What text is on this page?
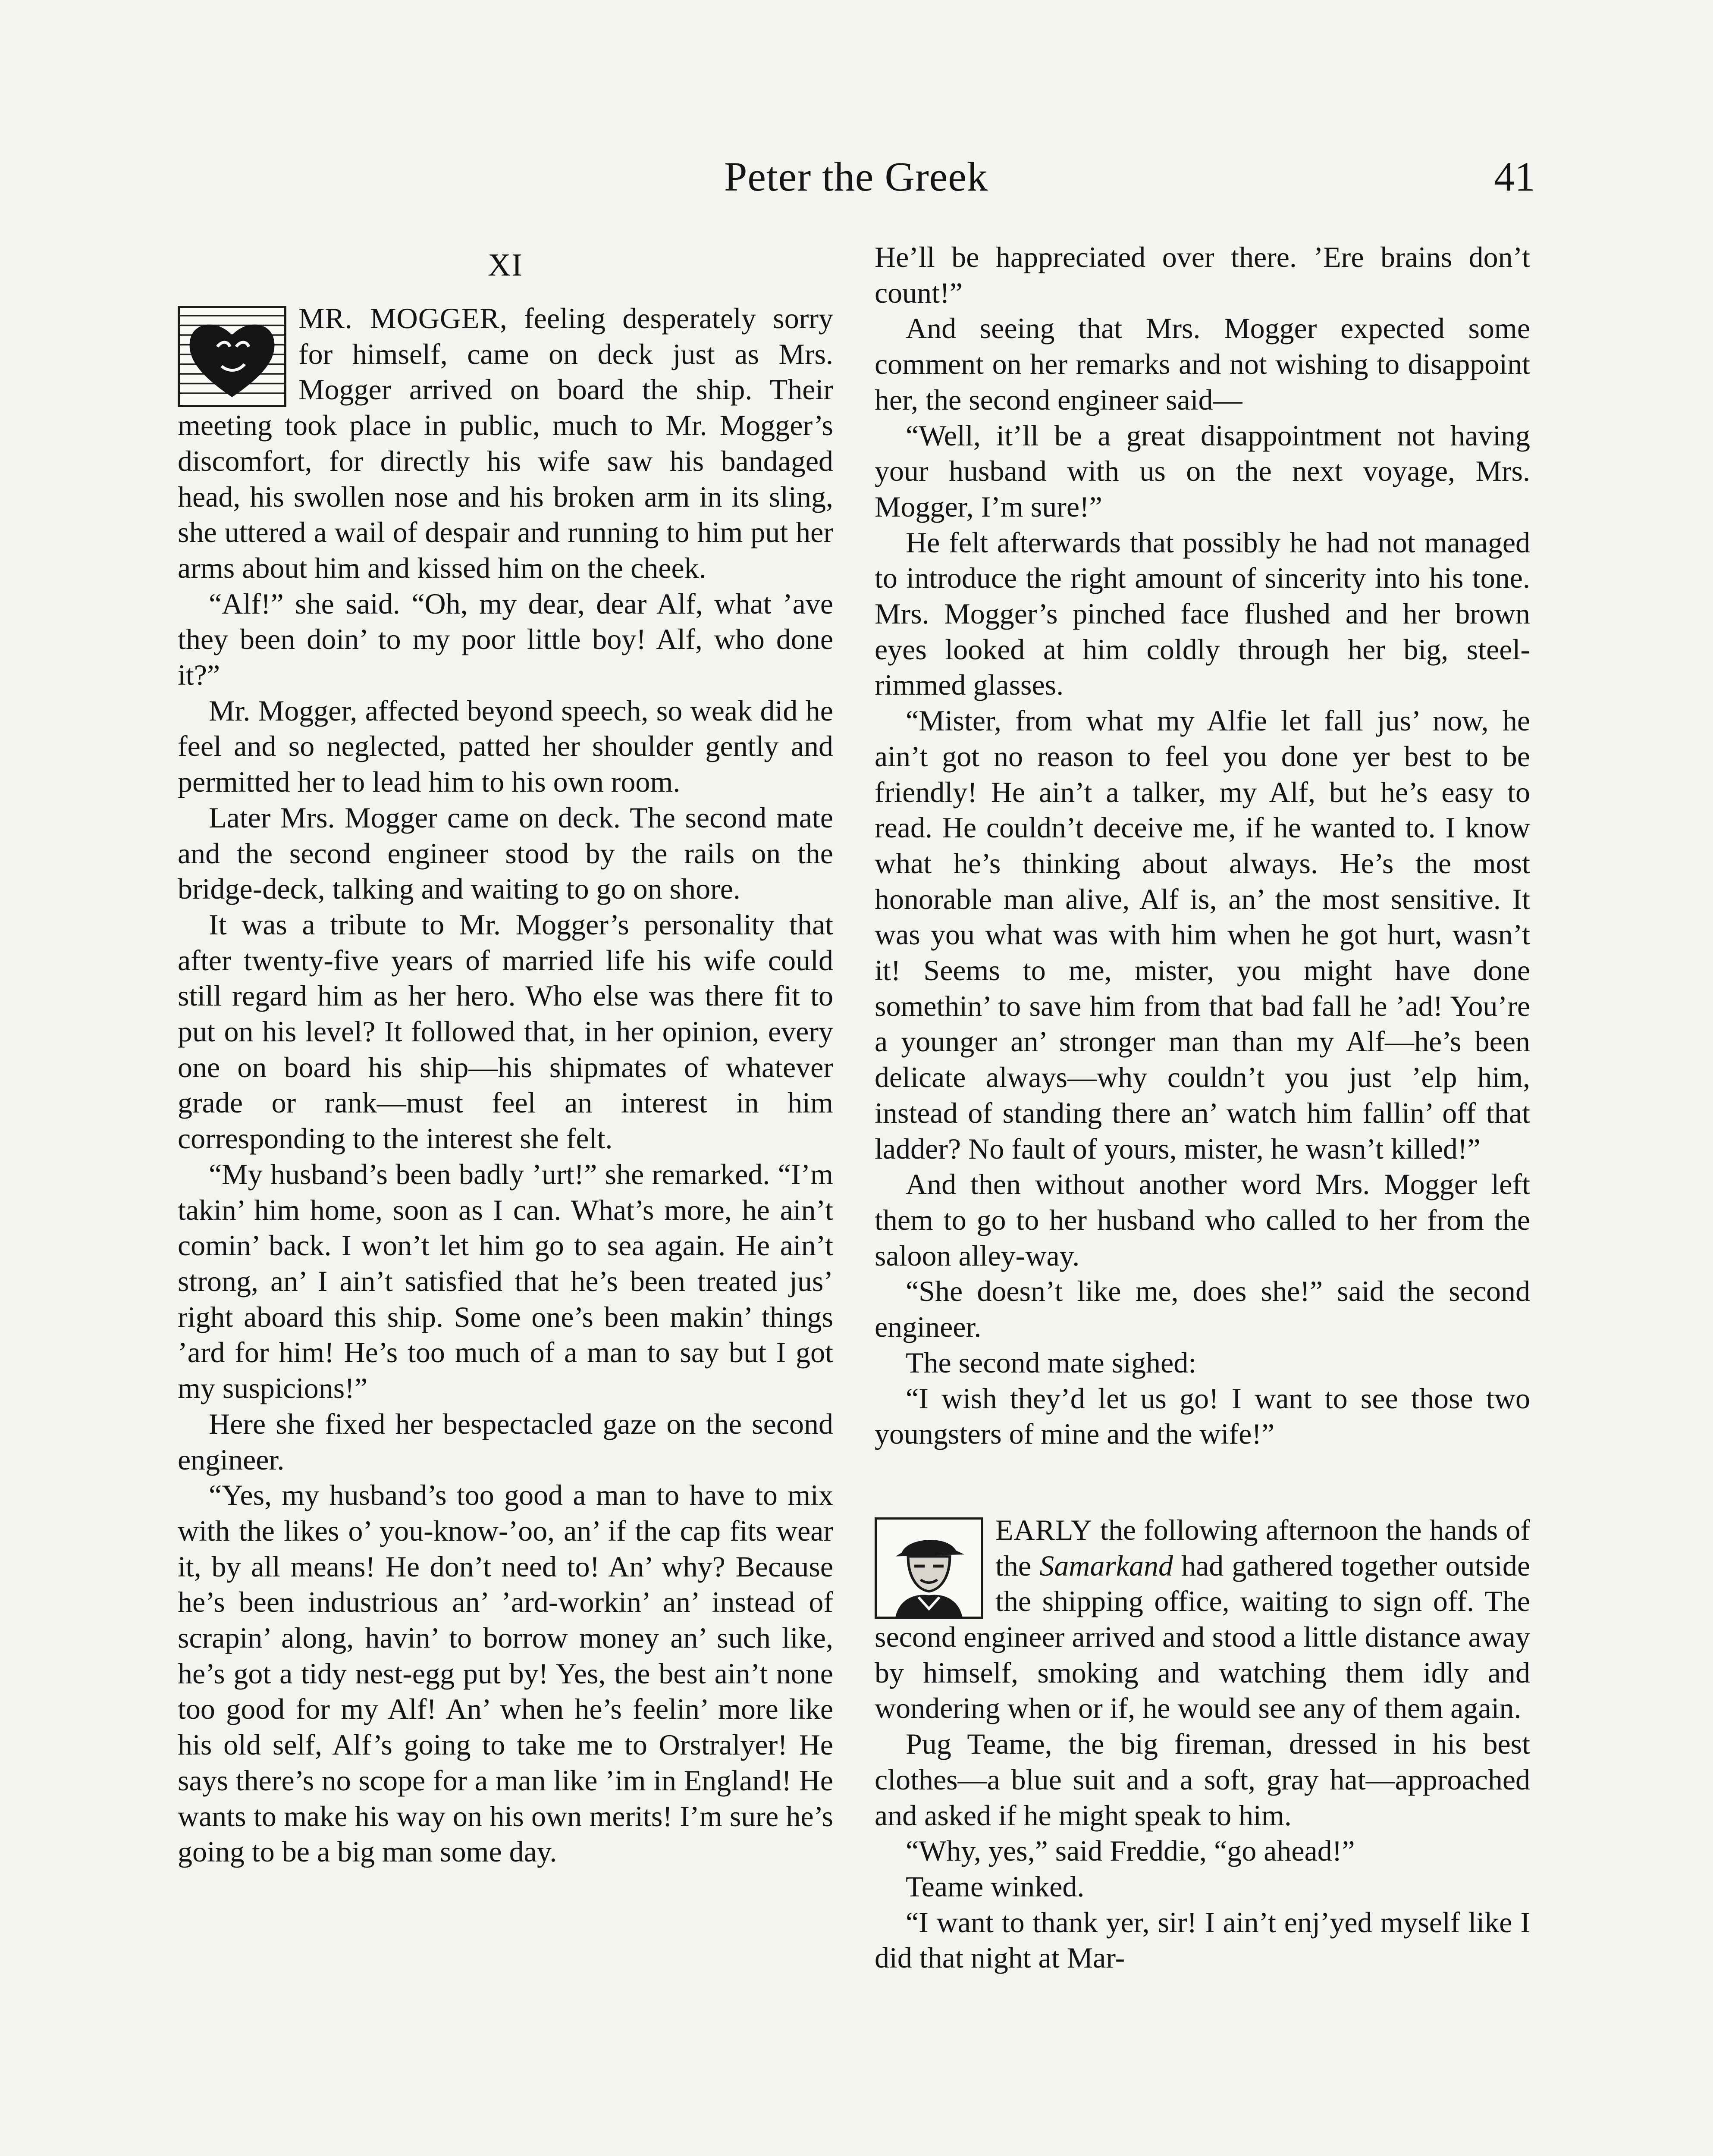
Peter the Greek	41
XI

MR. MOGGER, feeling desperately sorry for himself, came on deck just as Mrs. Mogger arrived on board the ship. Their meeting took place in public, much to Mr. Mogger’s discomfort, for directly his wife saw his bandaged head, his swollen nose and his broken arm in its sling, she uttered a wail of despair and running to him put her arms about him and kissed him on the cheek.

“Alf!” she said. “Oh, my dear, dear Alf, what ’ave they been doin’ to my poor little boy! Alf, who done it?”

Mr. Mogger, affected beyond speech, so weak did he feel and so neglected, patted her shoulder gently and permitted her to lead him to his own room.

Later Mrs. Mogger came on deck. The second mate and the second engineer stood by the rails on the bridge-deck, talking and waiting to go on shore.

It was a tribute to Mr. Mogger’s personality that after twenty-five years of married life his wife could still regard him as her hero. Who else was there fit to put on his level? It followed that, in her opinion, every one on board his ship—his shipmates of whatever grade or rank—must feel an interest in him corresponding to the interest she felt.

“My husband’s been badly ’urt!” she remarked. “I’m takin’ him home, soon as I can. What’s more, he ain’t comin’ back. I won’t let him go to sea again. He ain’t strong, an’ I ain’t satisfied that he’s been treated jus’ right aboard this ship. Some one’s been makin’ things ’ard for him! He’s too much of a man to say but I got my suspicions!”

Here she fixed her bespectacled gaze on the second engineer.

“Yes, my husband’s too good a man to have to mix with the likes o’ you-know-’oo, an’ if the cap fits wear it, by all means! He don’t need to! An’ why? Because he’s been industrious an’ ’ard-workin’ an’ instead of scrapin’ along, havin’ to borrow money an’ such like, he’s got a tidy nest-egg put by! Yes, the best ain’t none too good for my Alf! An’ when he’s feelin’ more like his old self, Alf’s going to take me to Orstralyer! He says there’s no scope for a man like ’im in England! He wants to make his way on his own merits! I’m sure he’s going to be a big man some day.

He’ll be happreciated over there. ’Ere brains don’t count!”

And seeing that Mrs. Mogger expected some comment on her remarks and not wishing to disappoint her, the second engineer said—

“Well, it’ll be a great disappointment not having your husband with us on the next voyage, Mrs. Mogger, I’m sure!”

He felt afterwards that possibly he had not managed to introduce the right amount of sincerity into his tone. Mrs. Mogger’s pinched face flushed and her brown eyes looked at him coldly through her big, steel-rimmed glasses.

“Mister, from what my Alfie let fall jus’ now, he ain’t got no reason to feel you done yer best to be friendly! He ain’t a talker, my Alf, but he’s easy to read. He couldn’t deceive me, if he wanted to. I know what he’s thinking about always. He’s the most honorable man alive, Alf is, an’ the most sensitive. It was you what was with him when he got hurt, wasn’t it! Seems to me, mister, you might have done somethin’ to save him from that bad fall he ’ad! You’re a younger an’ stronger man than my Alf—he’s been delicate always—why couldn’t you just ’elp him, instead of standing there an’ watch him fallin’ off that ladder? No fault of yours, mister, he wasn’t killed!”

And then without another word Mrs. Mogger left them to go to her husband who called to her from the saloon alley-way.

“She doesn’t like me, does she!” said the second engineer.

The second mate sighed:

“I wish they’d let us go! I want to see those two youngsters of mine and the wife!”

EARLY the following afternoon the hands of the Samarkand had gathered together outside the shipping office, waiting to sign off. The second engineer arrived and stood a little distance away by himself, smoking and watching them idly and wondering when or if, he would see any of them again.

Pug Teame, the big fireman, dressed in his best clothes—a blue suit and a soft, gray hat—approached and asked if he might speak to him.

“Why, yes,” said Freddie, “go ahead!”

Teame winked.

“I want to thank yer, sir! I ain’t enj’yed myself like I did that night at Mar-
